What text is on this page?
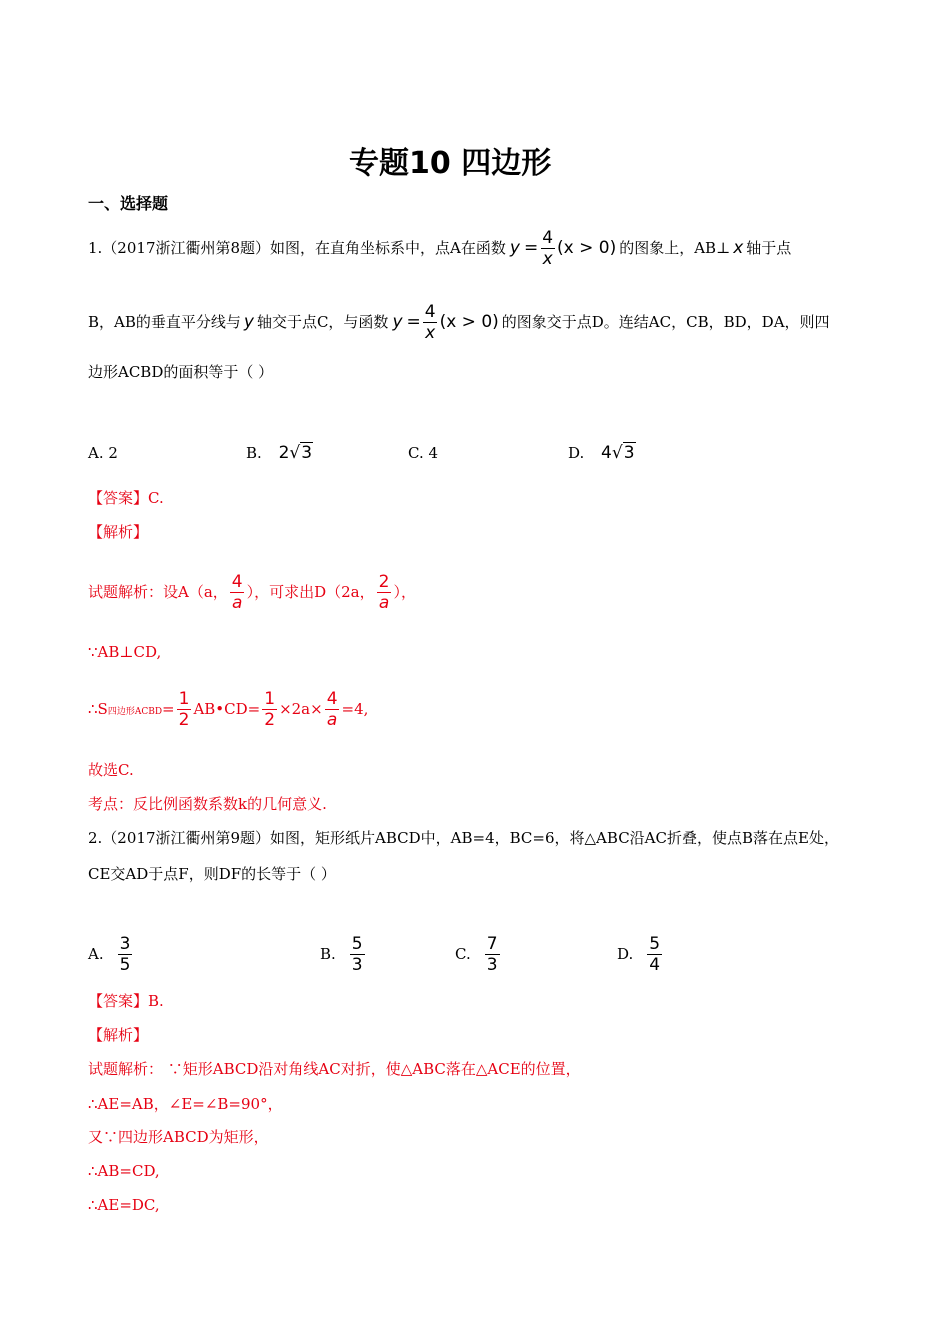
专题10 四边形
一、选择题
1.（2017浙江衢州第8题）如图，在直角坐标系中，点A在函数 $y = \frac{4}{x} (x > 0)$ 的图象上，AB⊥ x 轴于点
B，AB的垂直平分线与 y 轴交于点C，与函数 $y = \frac{4}{x} (x > 0)$ 的图象交于点D。连结AC，CB，BD，DA，则四
边形ACBD的面积等于（ ）
A. 2	B. 2√3	C. 4	D. 4√3
【答案】C.
【解析】
试题解析：设A（a， $\frac{4}{a}$ ），可求出D（2a， $\frac{2}{a}$ ），
∵AB⊥CD,
∴S 四边形ACBD = $\frac{1}{2}$ AB•CD= $\frac{1}{2} \times 2a\times \frac{4}{a} =4$,
故选C.
考点：反比例函数系数k的几何意义.
2.（2017浙江衢州第9题）如图，矩形纸片ABCD中，AB=4，BC=6，将△ABC沿AC折叠，使点B落在点E处，
CE交AD于点F，则DF的长等于（ ）
A. $\frac{3}{5}$	B. $\frac{5}{3}$	C. $\frac{7}{3}$	D. $\frac{5}{4}$
【答案】B.
【解析】
试题解析： ∵矩形ABCD沿对角线AC对折，使△ABC落在△ACE的位置，
∴AE=AB，∠E=∠B=90°，
又∵四边形ABCD为矩形，
∴AB=CD,
∴AE=DC,
